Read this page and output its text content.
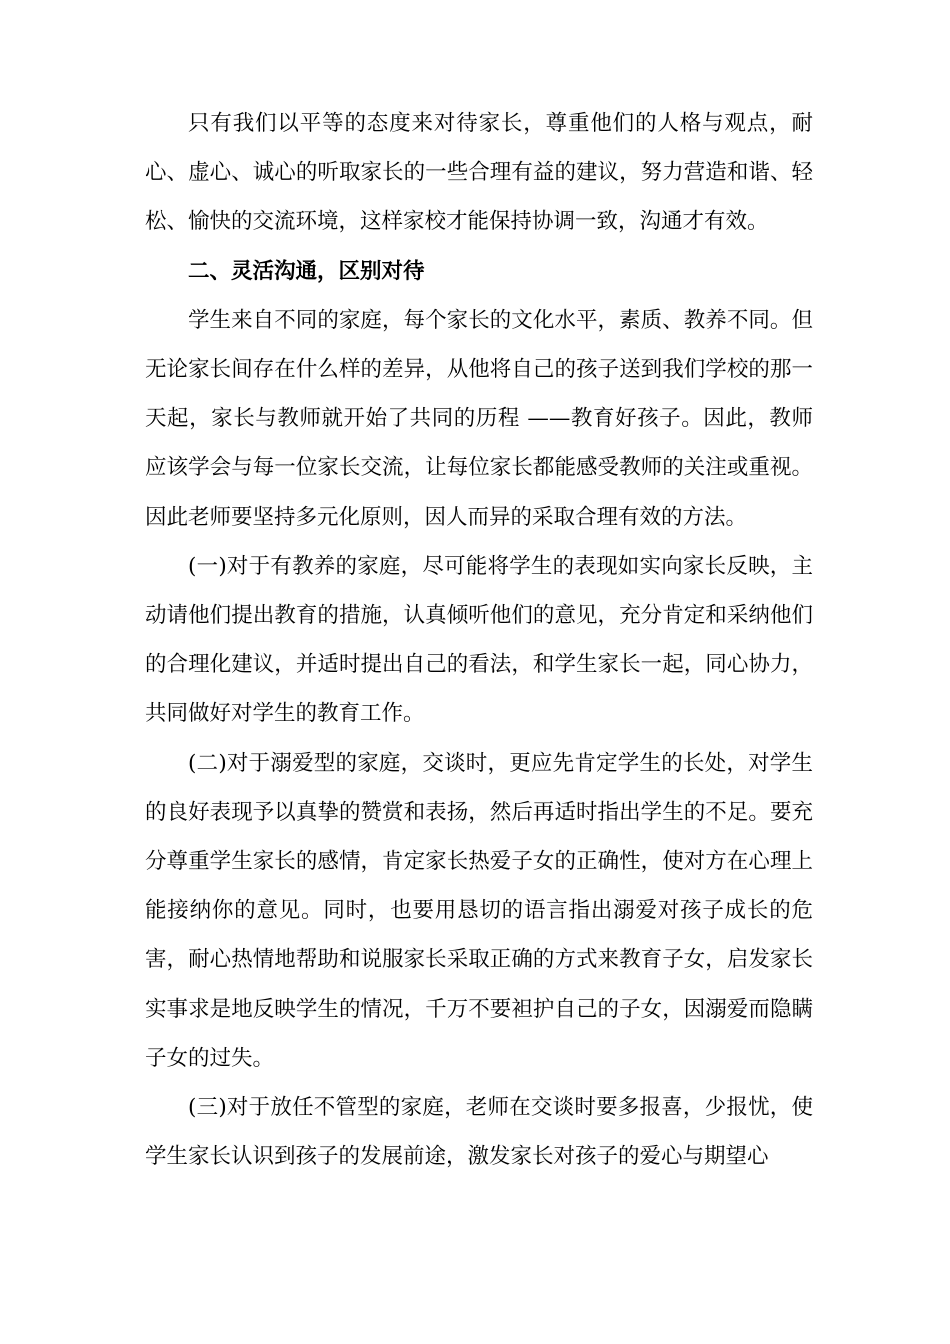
只有我们以平等的态度来对待家长，尊重他们的人格与观点，耐心、虚心、诚心的听取家长的一些合理有益的建议，努力营造和谐、轻松、愉快的交流环境，这样家校才能保持协调一致，沟通才有效。

二、灵活沟通，区别对待

学生来自不同的家庭，每个家长的文化水平，素质、教养不同。但无论家长间存在什么样的差异，从他将自己的孩子送到我们学校的那一天起，家长与教师就开始了共同的历程 ——教育好孩子。因此，教师应该学会与每一位家长交流，让每位家长都能感受教师的关注或重视。因此老师要坚持多元化原则，因人而异的采取合理有效的方法。

(一)对于有教养的家庭，尽可能将学生的表现如实向家长反映，主动请他们提出教育的措施，认真倾听他们的意见，充分肯定和采纳他们的合理化建议，并适时提出自己的看法，和学生家长一起，同心协力，共同做好对学生的教育工作。

(二)对于溺爱型的家庭，交谈时，更应先肯定学生的长处，对学生的良好表现予以真挚的赞赏和表扬，然后再适时指出学生的不足。要充分尊重学生家长的感情，肯定家长热爱子女的正确性，使对方在心理上能接纳你的意见。同时，也要用恳切的语言指出溺爱对孩子成长的危害，耐心热情地帮助和说服家长采取正确的方式来教育子女，启发家长实事求是地反映学生的情况，千万不要袒护自己的子女，因溺爱而隐瞒子女的过失。

(三)对于放任不管型的家庭，老师在交谈时要多报喜，少报忧，使学生家长认识到孩子的发展前途，激发家长对孩子的爱心与期望心
